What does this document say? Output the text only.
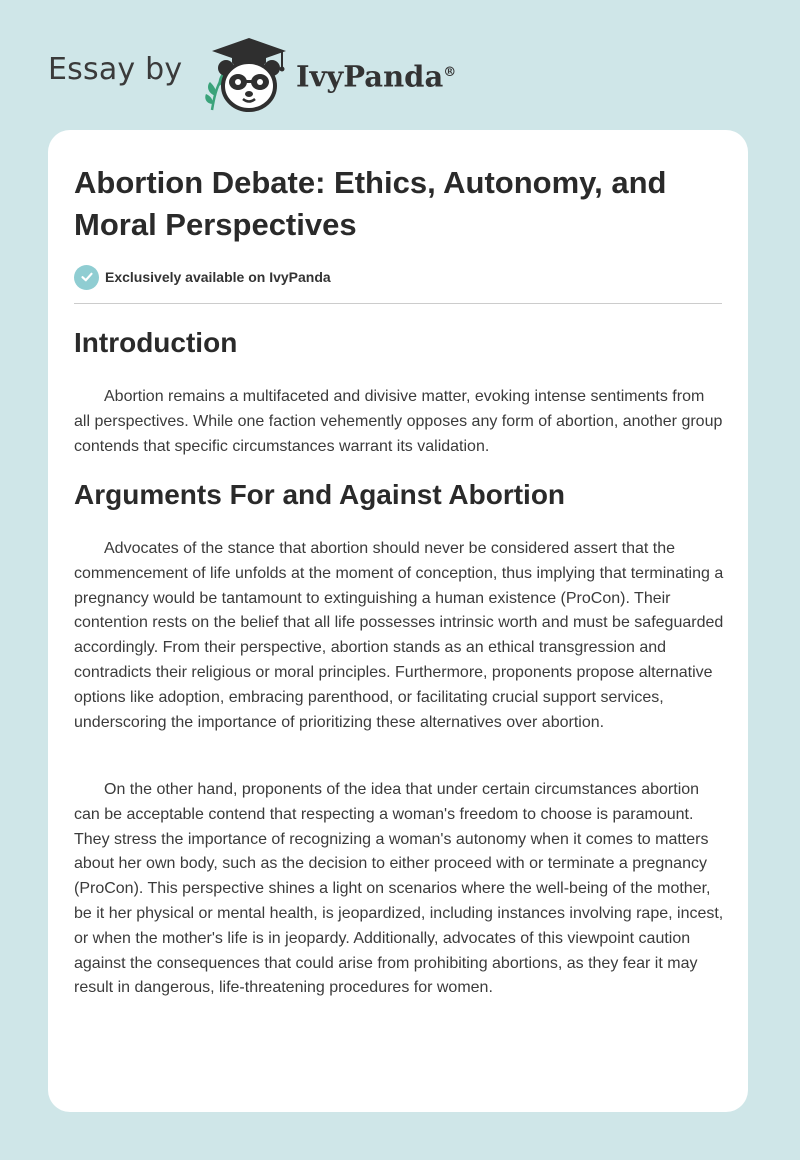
Essay by	IvyPanda®
Abortion Debate: Ethics, Autonomy, and Moral Perspectives
Exclusively available on IvyPanda
Introduction

Abortion remains a multifaceted and divisive matter, evoking intense sentiments from all perspectives. While one faction vehemently opposes any form of abortion, another group contends that specific circumstances warrant its validation.

Arguments For and Against Abortion

Advocates of the stance that abortion should never be considered assert that the commencement of life unfolds at the moment of conception, thus implying that terminating a pregnancy would be tantamount to extinguishing a human existence (ProCon). Their contention rests on the belief that all life possesses intrinsic worth and must be safeguarded accordingly. From their perspective, abortion stands as an ethical transgression and contradicts their religious or moral principles. Furthermore, proponents propose alternative options like adoption, embracing parenthood, or facilitating crucial support services, underscoring the importance of prioritizing these alternatives over abortion.

On the other hand, proponents of the idea that under certain circumstances abortion can be acceptable contend that respecting a woman's freedom to choose is paramount. They stress the importance of recognizing a woman's autonomy when it comes to matters about her own body, such as the decision to either proceed with or terminate a pregnancy (ProCon). This perspective shines a light on scenarios where the well-being of the mother, be it her physical or mental health, is jeopardized, including instances involving rape, incest, or when the mother's life is in jeopardy. Additionally, advocates of this viewpoint caution against the consequences that could arise from prohibiting abortions, as they fear it may result in dangerous, life-threatening procedures for women.
